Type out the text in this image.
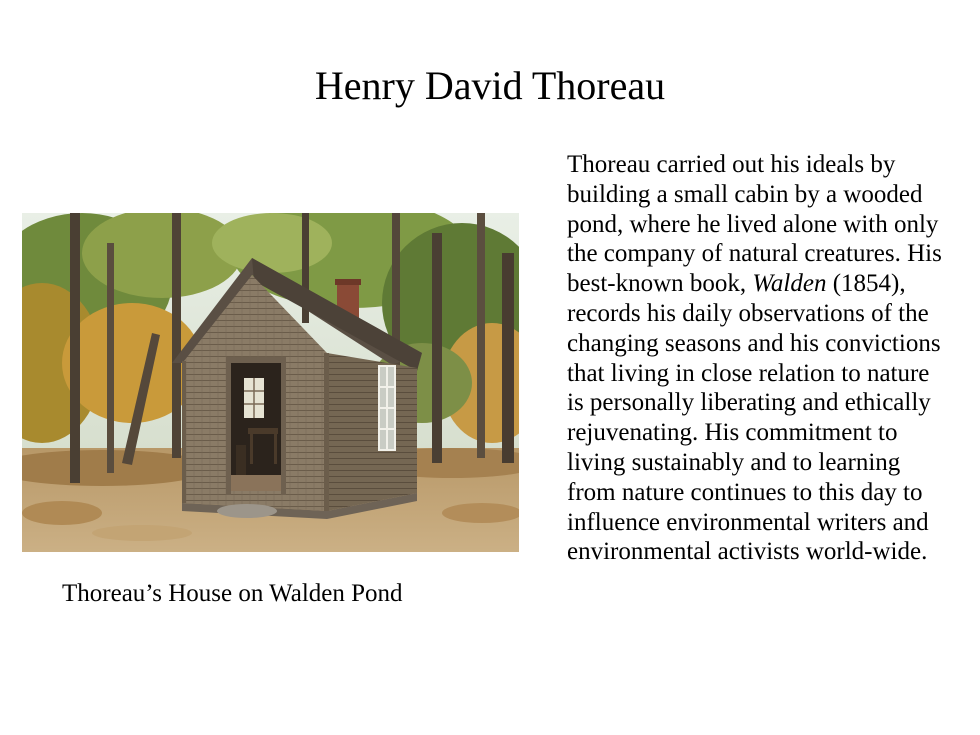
Henry David Thoreau
Thoreau’s House on Walden Pond

Thoreau carried out his ideals by building a small cabin by a wooded pond, where he lived alone with only the company of natural creatures. His best-known book, Walden (1854), records his daily observations of the changing seasons and his convictions that living in close relation to nature is personally liberating and ethically rejuvenating. His commitment to living sustainably and to learning from nature continues to this day to influence environmental writers and environmental activists world-wide.
